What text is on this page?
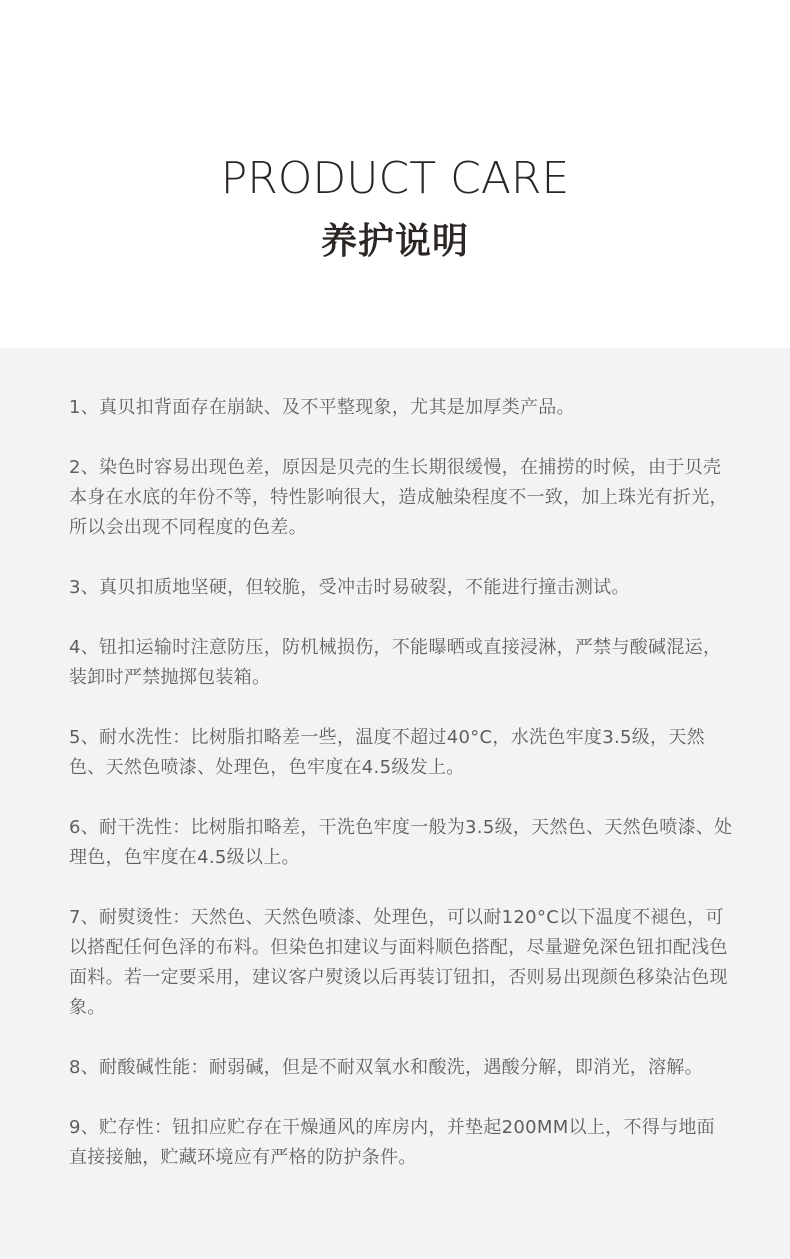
PRODUCT CARE
养护说明
1、真贝扣背面存在崩缺、及不平整现象，尤其是加厚类产品。
2、染色时容易出现色差，原因是贝壳的生长期很缓慢，在捕捞的时候，由于贝壳本身在水底的年份不等，特性影响很大，造成触染程度不一致，加上珠光有折光，所以会出现不同程度的色差。
3、真贝扣质地坚硬，但较脆，受冲击时易破裂，不能进行撞击测试。
4、钮扣运输时注意防压，防机械损伤，不能曝晒或直接浸淋，严禁与酸碱混运，装卸时严禁抛掷包装箱。
5、耐水洗性：比树脂扣略差一些，温度不超过40°C，水洗色牢度3.5级，天然色、天然色喷漆、处理色，色牢度在4.5级发上。
6、耐干洗性：比树脂扣略差，干洗色牢度一般为3.5级，天然色、天然色喷漆、处理色，色牢度在4.5级以上。
7、耐熨烫性：天然色、天然色喷漆、处理色，可以耐120°C以下温度不褪色，可以搭配任何色泽的布料。但染色扣建议与面料顺色搭配，尽量避免深色钮扣配浅色面料。若一定要采用，建议客户熨烫以后再装订钮扣，否则易出现颜色移染沾色现象。
8、耐酸碱性能：耐弱碱，但是不耐双氧水和酸洗，遇酸分解，即消光，溶解。
9、贮存性：钮扣应贮存在干燥通风的库房内，并垫起200MM以上，不得与地面直接接触，贮藏环境应有严格的防护条件。
